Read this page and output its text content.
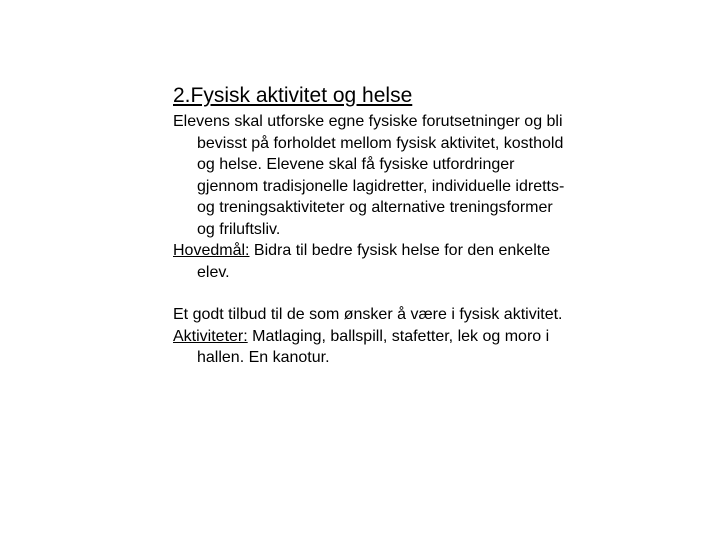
2.Fysisk aktivitet og helse

Elevens skal utforske egne fysiske forutsetninger og bli bevisst på forholdet mellom fysisk aktivitet, kosthold og helse. Elevene skal få fysiske utfordringer gjennom tradisjonelle lagidretter, individuelle idretts- og treningsaktiviteter og alternative treningsformer og friluftsliv.

Hovedmål: Bidra til bedre fysisk helse for den enkelte elev.

Et godt tilbud til de som ønsker å være i fysisk aktivitet.

Aktiviteter: Matlaging, ballspill, stafetter, lek og moro i hallen. En kanotur.
